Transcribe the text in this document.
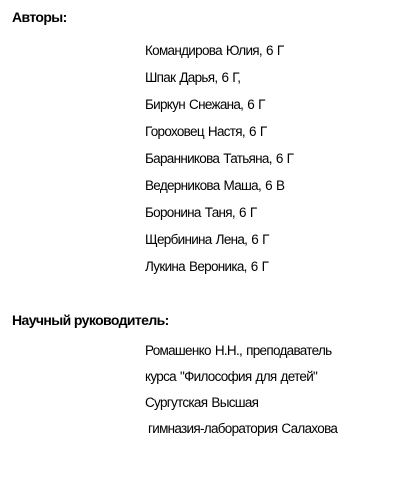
Авторы:
Командирова Юлия, 6 Г
Шпак Дарья, 6 Г,
Биркун Снежана, 6 Г
Гороховец Настя, 6 Г
Баранникова Татьяна, 6 Г
Ведерникова Маша, 6 В
Боронина Таня, 6 Г
Щербинина Лена, 6 Г
Лукина Вероника, 6 Г
Научный руководитель:
Ромашенко Н.Н., преподаватель
курса "Философия для детей"
Сургутская Высшая
гимназия-лаборатория Салахова
